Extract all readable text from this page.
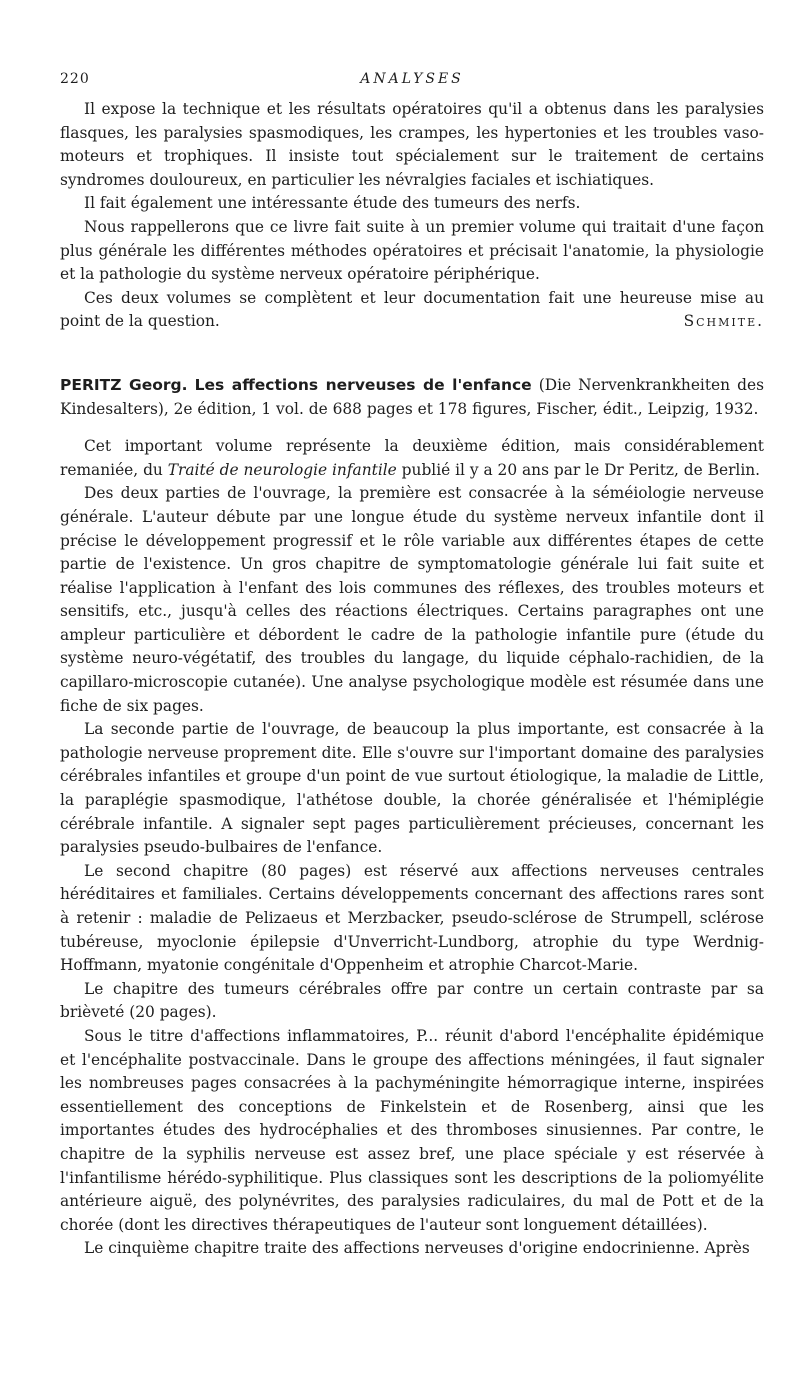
220	ANALYSES

Il expose la technique et les résultats opératoires qu'il a obtenus dans les paralysies flasques, les paralysies spasmodiques, les crampes, les hypertonies et les troubles vaso-moteurs et trophiques. Il insiste tout spécialement sur le traitement de certains syndromes douloureux, en particulier les névralgies faciales et ischiatiques.

Il fait également une intéressante étude des tumeurs des nerfs.

Nous rappellerons que ce livre fait suite à un premier volume qui traitait d'une façon plus générale les différentes méthodes opératoires et précisait l'anatomie, la physiologie et la pathologie du système nerveux opératoire périphérique.

Ces deux volumes se complètent et leur documentation fait une heureuse mise au point de la question.	Schmite.

PERITZ Georg. Les affections nerveuses de l'enfance (Die Nervenkrankheiten des Kindesalters), 2e édition, 1 vol. de 688 pages et 178 figures, Fischer, édit., Leipzig, 1932.

Cet important volume représente la deuxième édition, mais considérablement remaniée, du Traité de neurologie infantile publié il y a 20 ans par le Dr Peritz, de Berlin.

Des deux parties de l'ouvrage, la première est consacrée à la séméiologie nerveuse générale. L'auteur débute par une longue étude du système nerveux infantile dont il précise le développement progressif et le rôle variable aux différentes étapes de cette partie de l'existence. Un gros chapitre de symptomatologie générale lui fait suite et réalise l'application à l'enfant des lois communes des réflexes, des troubles moteurs et sensitifs, etc., jusqu'à celles des réactions électriques. Certains paragraphes ont une ampleur particulière et débordent le cadre de la pathologie infantile pure (étude du système neuro-végétatif, des troubles du langage, du liquide céphalo-rachidien, de la capillaro-microscopie cutanée). Une analyse psychologique modèle est résumée dans une fiche de six pages.

La seconde partie de l'ouvrage, de beaucoup la plus importante, est consacrée à la pathologie nerveuse proprement dite. Elle s'ouvre sur l'important domaine des paralysies cérébrales infantiles et groupe d'un point de vue surtout étiologique, la maladie de Little, la paraplégie spasmodique, l'athétose double, la chorée généralisée et l'hémiplégie cérébrale infantile. A signaler sept pages particulièrement précieuses, concernant les paralysies pseudo-bulbaires de l'enfance.

Le second chapitre (80 pages) est réservé aux affections nerveuses centrales héréditaires et familiales. Certains développements concernant des affections rares sont à retenir : maladie de Pelizaeus et Merzbacker, pseudo-sclérose de Strumpell, sclérose tubéreuse, myoclonie épilepsie d'Unverricht-Lundborg, atrophie du type Werdnig-Hoffmann, myatonie congénitale d'Oppenheim et atrophie Charcot-Marie.

Le chapitre des tumeurs cérébrales offre par contre un certain contraste par sa brièveté (20 pages).

Sous le titre d'affections inflammatoires, P... réunit d'abord l'encéphalite épidémique et l'encéphalite postvaccinale. Dans le groupe des affections méningées, il faut signaler les nombreuses pages consacrées à la pachyméningite hémorragique interne, inspirées essentiellement des conceptions de Finkelstein et de Rosenberg, ainsi que les importantes études des hydrocéphalies et des thromboses sinusiennes. Par contre, le chapitre de la syphilis nerveuse est assez bref, une place spéciale y est réservée à l'infantilisme hérédo-syphilitique. Plus classiques sont les descriptions de la poliomyélite antérieure aiguë, des polynévrites, des paralysies radiculaires, du mal de Pott et de la chorée (dont les directives thérapeutiques de l'auteur sont longuement détaillées).

Le cinquième chapitre traite des affections nerveuses d'origine endocrinienne. Après
